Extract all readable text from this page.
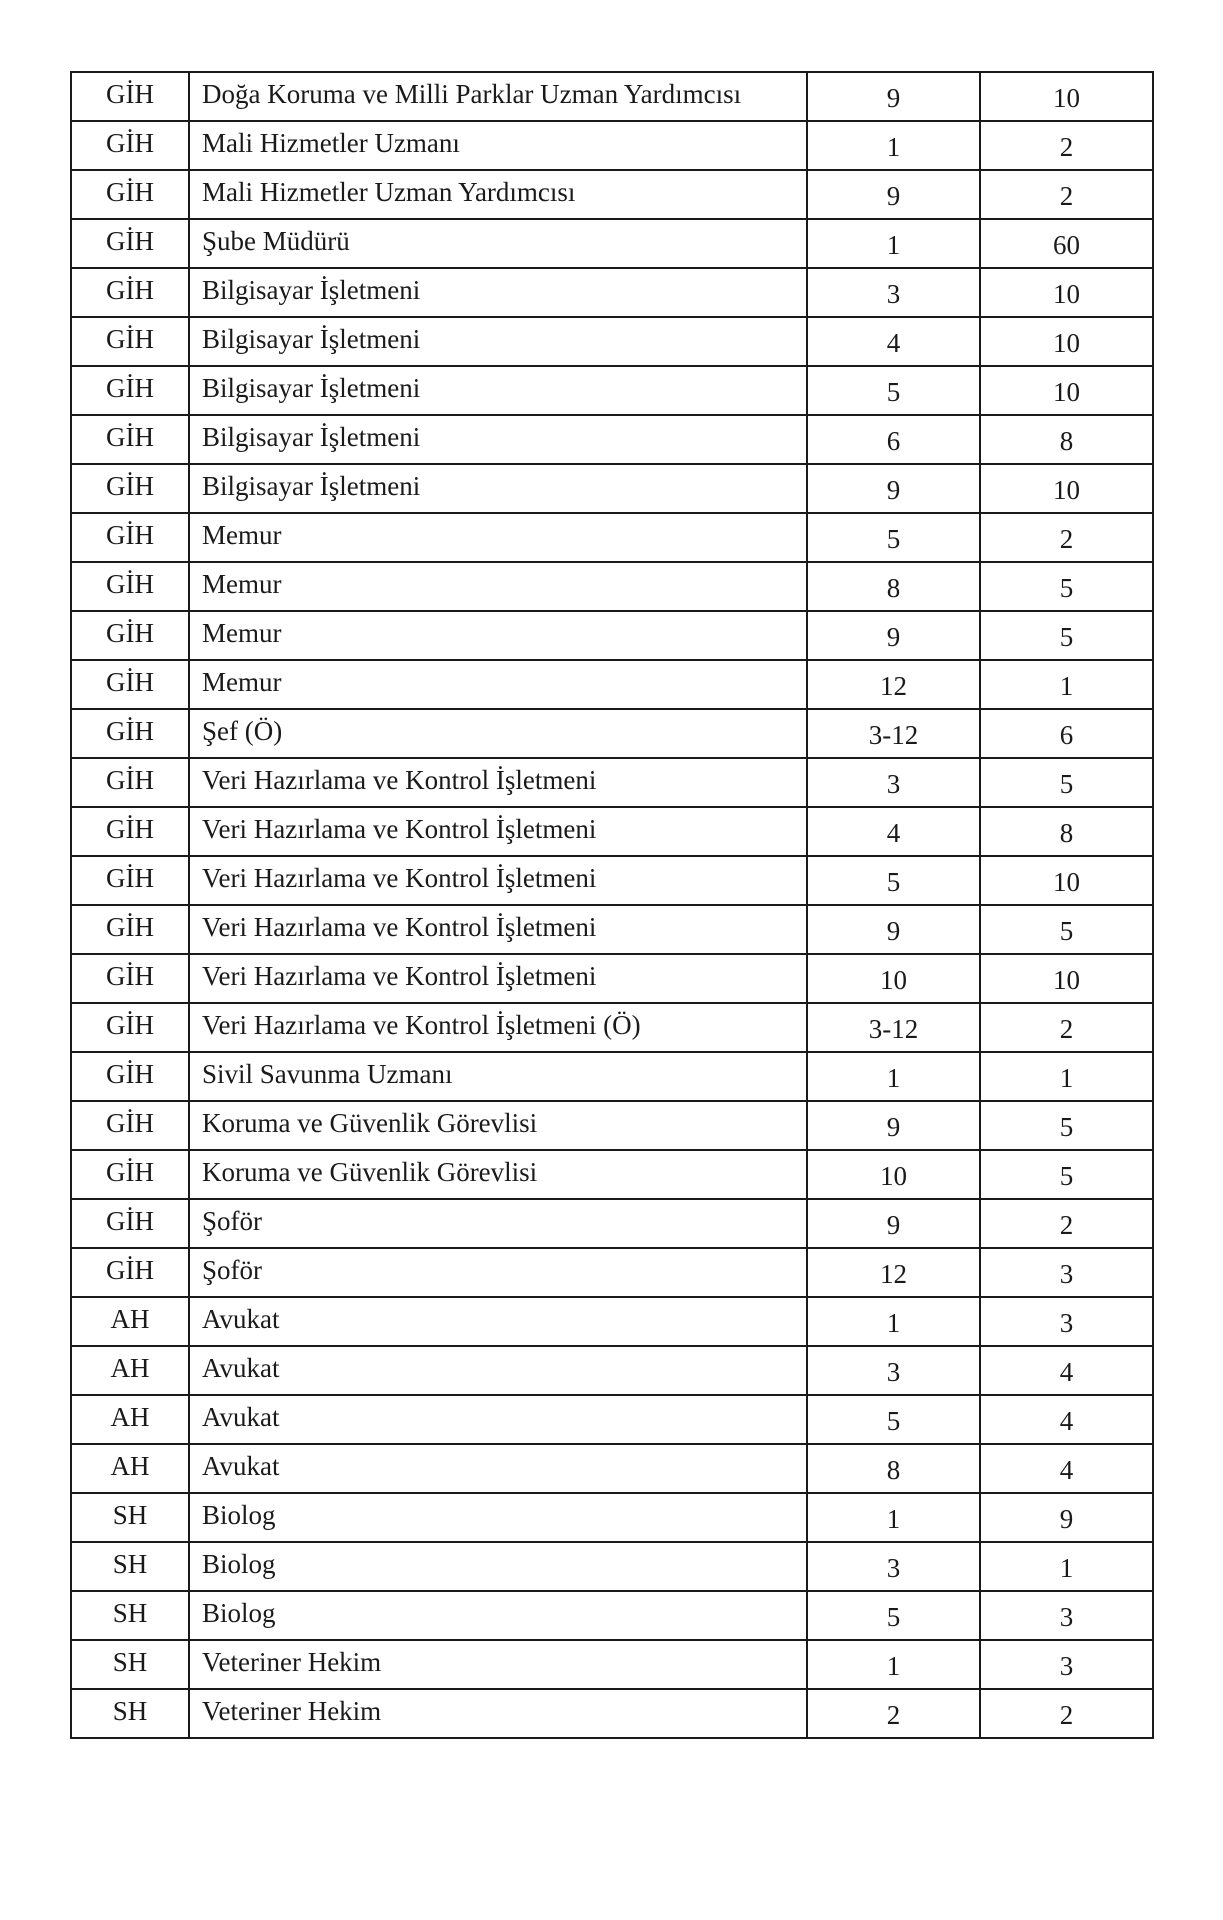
GİH	Doğa Koruma ve Milli Parklar Uzman Yardımcısı	9	10
GİH	Mali Hizmetler Uzmanı	1	2
GİH	Mali Hizmetler Uzman Yardımcısı	9	2
GİH	Şube Müdürü	1	60
GİH	Bilgisayar İşletmeni	3	10
GİH	Bilgisayar İşletmeni	4	10
GİH	Bilgisayar İşletmeni	5	10
GİH	Bilgisayar İşletmeni	6	8
GİH	Bilgisayar İşletmeni	9	10
GİH	Memur	5	2
GİH	Memur	8	5
GİH	Memur	9	5
GİH	Memur	12	1
GİH	Şef (Ö)	3-12	6
GİH	Veri Hazırlama ve Kontrol İşletmeni	3	5
GİH	Veri Hazırlama ve Kontrol İşletmeni	4	8
GİH	Veri Hazırlama ve Kontrol İşletmeni	5	10
GİH	Veri Hazırlama ve Kontrol İşletmeni	9	5
GİH	Veri Hazırlama ve Kontrol İşletmeni	10	10
GİH	Veri Hazırlama ve Kontrol İşletmeni (Ö)	3-12	2
GİH	Sivil Savunma Uzmanı	1	1
GİH	Koruma ve Güvenlik Görevlisi	9	5
GİH	Koruma ve Güvenlik Görevlisi	10	5
GİH	Şoför	9	2
GİH	Şoför	12	3
AH	Avukat	1	3
AH	Avukat	3	4
AH	Avukat	5	4
AH	Avukat	8	4
SH	Biolog	1	9
SH	Biolog	3	1
SH	Biolog	5	3
SH	Veteriner Hekim	1	3
SH	Veteriner Hekim	2	2
